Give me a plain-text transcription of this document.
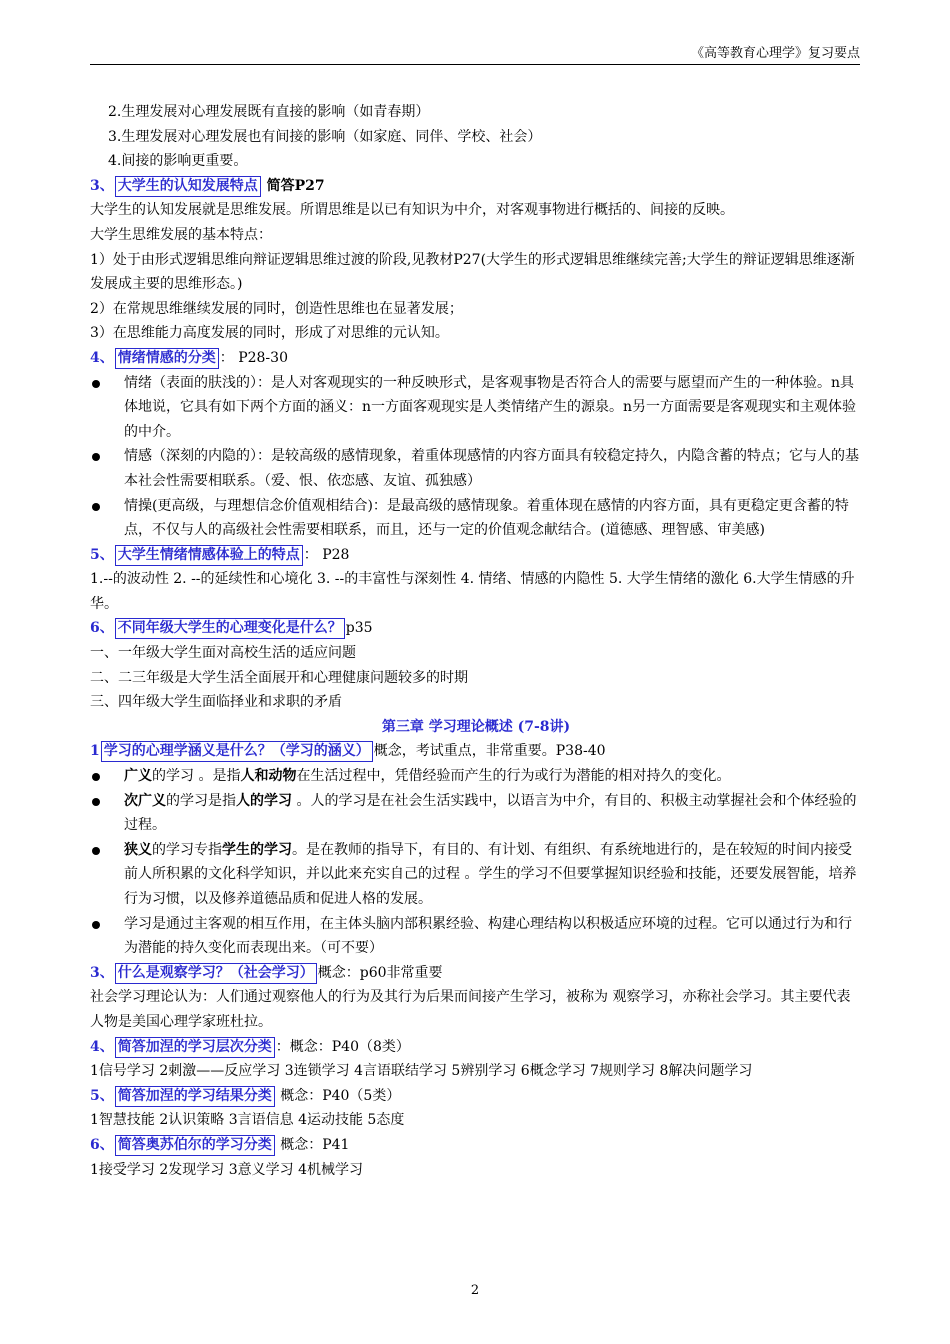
《高等教育心理学》复习要点

2.生理发展对心理发展既有直接的影响（如青春期）

3.生理发展对心理发展也有间接的影响（如家庭、同伴、学校、社会）

4.间接的影响更重要。

3、 大学生的认知发展特点 简答P27

大学生的认知发展就是思维发展。所谓思维是以已有知识为中介，对客观事物进行概括的、间接的反映。

大学生思维发展的基本特点：

1）处于由形式逻辑思维向辩证逻辑思维过渡的阶段,见教材P27(大学生的形式逻辑思维继续完善;大学生的辩证逻辑思维逐渐发展成主要的思维形态。)

2）在常规思维继续发展的同时，创造性思维也在显著发展；

3）在思维能力高度发展的同时，形成了对思维的元认知。

4、 情绪情感的分类 ： P28-30

情绪（表面的肤浅的）：是人对客观现实的一种反映形式，是客观事物是否符合人的需要与愿望而产生的一种体验。n具体地说，它具有如下两个方面的涵义：n一方面客观现实是人类情绪产生的源泉。n另一方面需要是客观现实和主观体验的中介。
情感（深刻的内隐的）：是较高级的感情现象，着重体现感情的内容方面具有较稳定持久，内隐含蓄的特点；它与人的基本社会性需要相联系。（爱、恨、依恋感、友谊、孤独感）
情操(更高级，与理想信念价值观相结合)：是最高级的感情现象。着重体现在感情的内容方面，具有更稳定更含蓄的特点，不仅与人的高级社会性需要相联系，而且，还与一定的价值观念献结合。(道德感、理智感、审美感)

5、 大学生情绪情感体验上的特点 ： P28

1.--的波动性 2. --的延续性和心境化 3. --的丰富性与深刻性 4. 情绪、情感的内隐性 5. 大学生情绪的激化 6.大学生情感的升华。

6、 不同年级大学生的心理变化是什么？ p35

一、一年级大学生面对高校生活的适应问题

二、二三年级是大学生活全面展开和心理健康问题较多的时期

三、四年级大学生面临择业和求职的矛盾

第三章 学习理论概述 (7-8讲)

1 学习的心理学涵义是什么？（学习的涵义） 概念，考试重点，非常重要。P38-40

广义的学习 。是指人和动物在生活过程中，凭借经验而产生的行为或行为潜能的相对持久的变化。
次广义的学习是指人的学习 。人的学习是在社会生活实践中，以语言为中介，有目的、积极主动掌握社会和个体经验的过程。
狭义的学习专指学生的学习。是在教师的指导下，有目的、有计划、有组织、有系统地进行的，是在较短的时间内接受前人所积累的文化科学知识，并以此来充实自己的过程 。学生的学习不但要掌握知识经验和技能，还要发展智能，培养行为习惯，以及修养道德品质和促进人格的发展。
学习是通过主客观的相互作用，在主体头脑内部积累经验、构建心理结构以积极适应环境的过程。它可以通过行为和行为潜能的持久变化而表现出来。（可不要）

3、 什么是观察学习？（社会学习） 概念：p60非常重要

社会学习理论认为：人们通过观察他人的行为及其行为后果而间接产生学习，被称为 观察学习，亦称社会学习。其主要代表人物是美国心理学家班杜拉。

4、 简答加涅的学习层次分类 ：概念：P40（8类）

1信号学习 2刺激——反应学习 3连锁学习 4言语联结学习 5辨别学习 6概念学习 7规则学习 8解决问题学习

5、 简答加涅的学习结果分类 概念：P40（5类）

1智慧技能 2认识策略 3言语信息 4运动技能 5态度

6、 简答奥苏伯尔的学习分类 概念：P41

1接受学习 2发现学习 3意义学习 4机械学习

2
